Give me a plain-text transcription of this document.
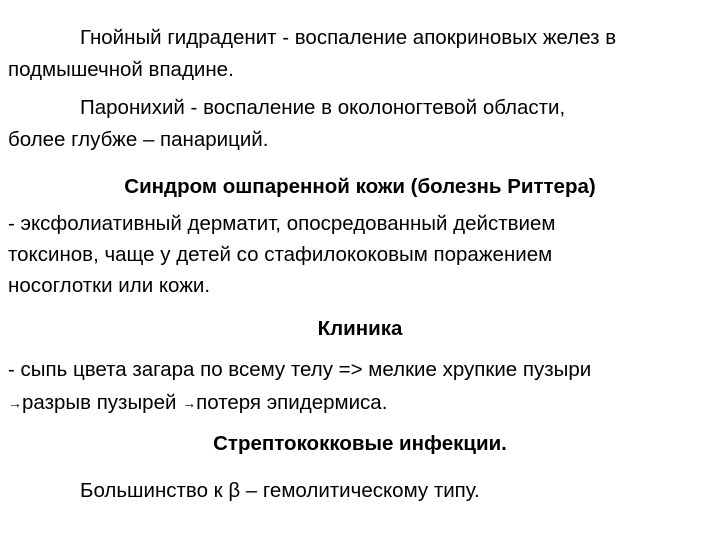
Гнойный гидраденит - воспаление апокриновых желез в

подмышечной впадине.

Паронихий - воспаление в околоногтевой области,

более глубже – панариций.

Синдром ошпаренной кожи (болезнь Риттера)

- эксфолиативный дерматит, опосредованный действием

токсинов, чаще у детей со стафилококовым поражением

носоглотки или кожи.

Клиника

- сыпь цвета загара по всему телу => мелкие хрупкие пузыри

→разрыв пузырей →потеря эпидермиса.

Стрептококковые инфекции.

Большинство к β – гемолитическому типу.
